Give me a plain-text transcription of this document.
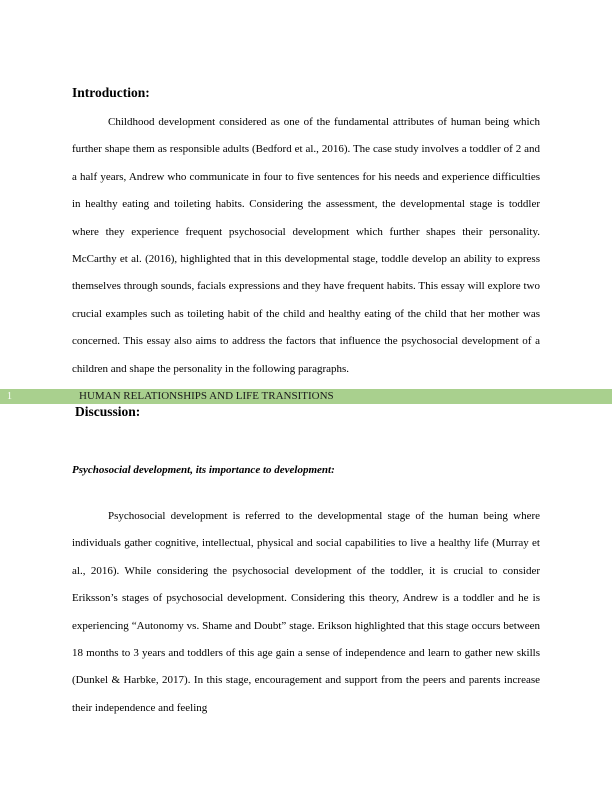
Introduction:

Childhood development considered as one of the fundamental attributes of human being which further shape them as responsible adults (Bedford et al., 2016). The case study involves a toddler of 2 and a half years, Andrew who communicate in four to five sentences for his needs and experience difficulties in healthy eating and toileting habits. Considering the assessment, the developmental stage is toddler where they experience frequent psychosocial development which further shapes their personality. McCarthy et al. (2016), highlighted that in this developmental stage, toddle develop an ability to express themselves through sounds, facials expressions and they have frequent habits. This essay will explore two crucial examples such as toileting habit of the child and healthy eating of the child that her mother was concerned. This essay also aims to address the factors that influence the psychosocial development of a children and shape the personality in the following paragraphs.

1	HUMAN RELATIONSHIPS AND LIFE TRANSITIONS
Discussion:
Psychosocial development, its importance to development:

Psychosocial development is referred to the developmental stage of the human being where individuals gather cognitive, intellectual, physical and social capabilities to live a healthy life (Murray et al., 2016). While considering the psychosocial development of the toddler, it is crucial to consider Eriksson’s stages of psychosocial development. Considering this theory, Andrew is a toddler and he is experiencing “Autonomy vs. Shame and Doubt” stage. Erikson highlighted that this stage occurs between 18 months to 3 years and toddlers of this age gain a sense of independence and learn to gather new skills (Dunkel & Harbke, 2017). In this stage, encouragement and support from the peers and parents increase their independence and feeling
